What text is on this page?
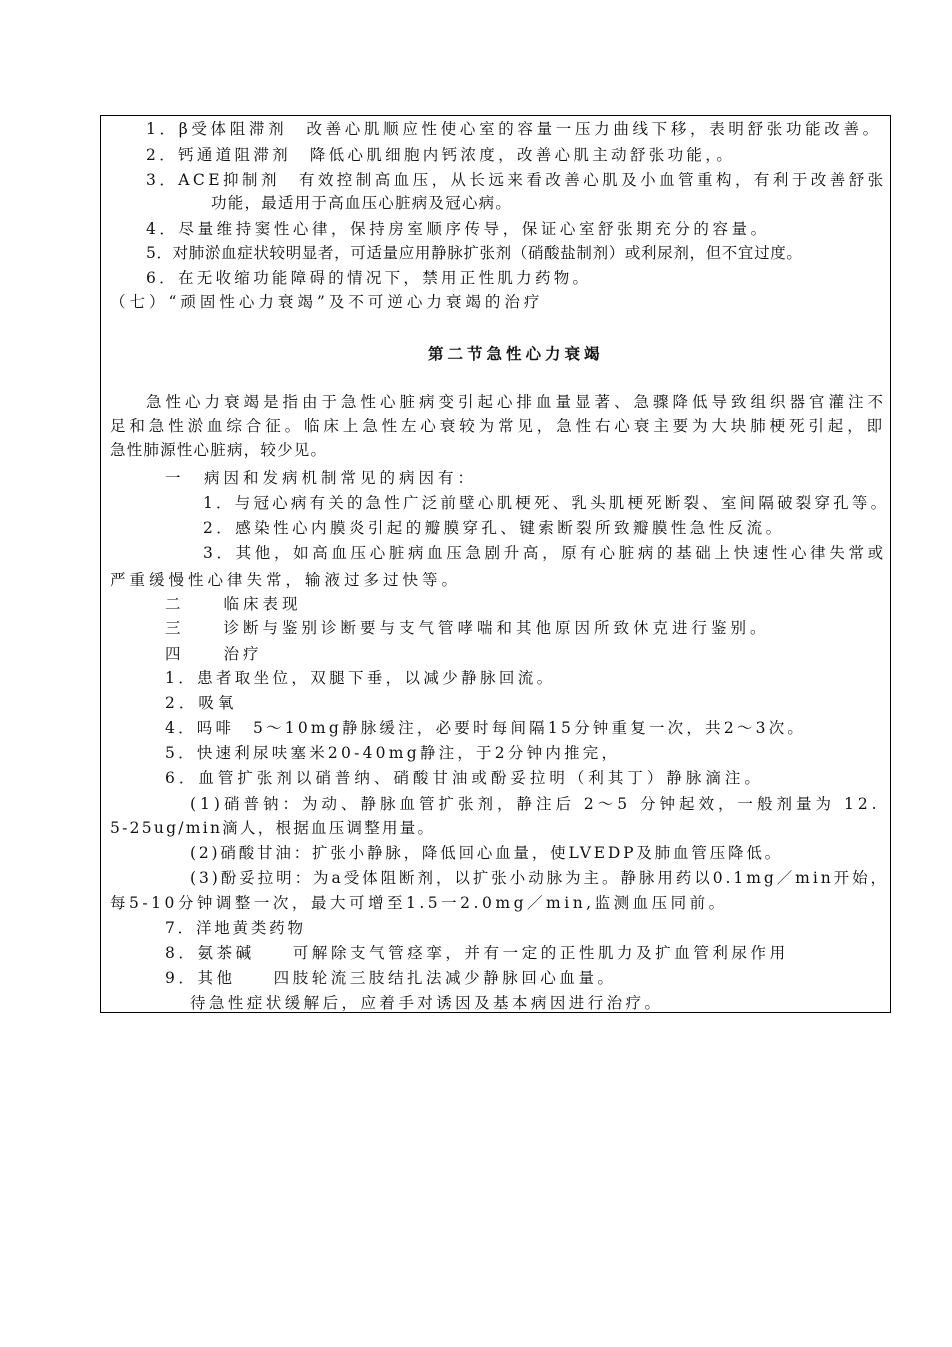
1．β受体阻滞剂　改善心肌顺应性使心室的容量一压力曲线下移，表明舒张功能改善。
2．钙通道阻滞剂　降低心肌细胞内钙浓度，改善心肌主动舒张功能，。
3．ACE抑制剂　有效控制高血压，从长远来看改善心肌及小血管重构，有利于改善舒张
功能，最适用于高血压心脏病及冠心病。
4．尽量维持窦性心律，保持房室顺序传导，保证心室舒张期充分的容量。
5．对肺淤血症状较明显者，可适量应用静脉扩张剂（硝酸盐制剂）或利尿剂，但不宜过度。
6．在无收缩功能障碍的情况下，禁用正性肌力药物。
（七）“顽固性心力衰竭”及不可逆心力衰竭的治疗
第二节急性心力衰竭
急性心力衰竭是指由于急性心脏病变引起心排血量显著、急骤降低导致组织器官灌注不
足和急性淤血综合征。临床上急性左心衰较为常见，急性右心衰主要为大块肺梗死引起，即
急性肺源性心脏病，较少见。
一　病因和发病机制常见的病因有：
1．与冠心病有关的急性广泛前壁心肌梗死、乳头肌梗死断裂、室间隔破裂穿孔等。
2．感染性心内膜炎引起的瓣膜穿孔、键索断裂所致瓣膜性急性反流。
3．其他，如高血压心脏病血压急剧升高，原有心脏病的基础上快速性心律失常或
严重缓慢性心律失常，输液过多过快等。
二　　临床表现
三　　诊断与鉴别诊断要与支气管哮喘和其他原因所致休克进行鉴别。
四　　治疗
1．患者取坐位，双腿下垂，以减少静脉回流。
2．吸氧
4．吗啡　5～10mg静脉缓注，必要时每间隔15分钟重复一次，共2～3次。
5．快速利尿呋塞米20-40mg静注，于2分钟内推完，
6．血管扩张剂以硝普纳、硝酸甘油或酚妥拉明（利其丁）静脉滴注。
(1)硝普钠：为动、静脉血管扩张剂，静注后 2～5 分钟起效，一般剂量为 12.
5-25ug/min滴人，根据血压调整用量。
(2)硝酸甘油：扩张小静脉，降低回心血量，使LVEDP及肺血管压降低。
(3)酚妥拉明：为a受体阻断剂，以扩张小动脉为主。静脉用药以0.1mg／min开始，
每5-10分钟调整一次，最大可增至1.5一2.0mg／min,监测血压同前。
7．洋地黄类药物
8．氨茶碱　　可解除支气管痉挛，并有一定的正性肌力及扩血管利尿作用
9．其他　　四肢轮流三肢结扎法减少静脉回心血量。
待急性症状缓解后，应着手对诱因及基本病因进行治疗。
